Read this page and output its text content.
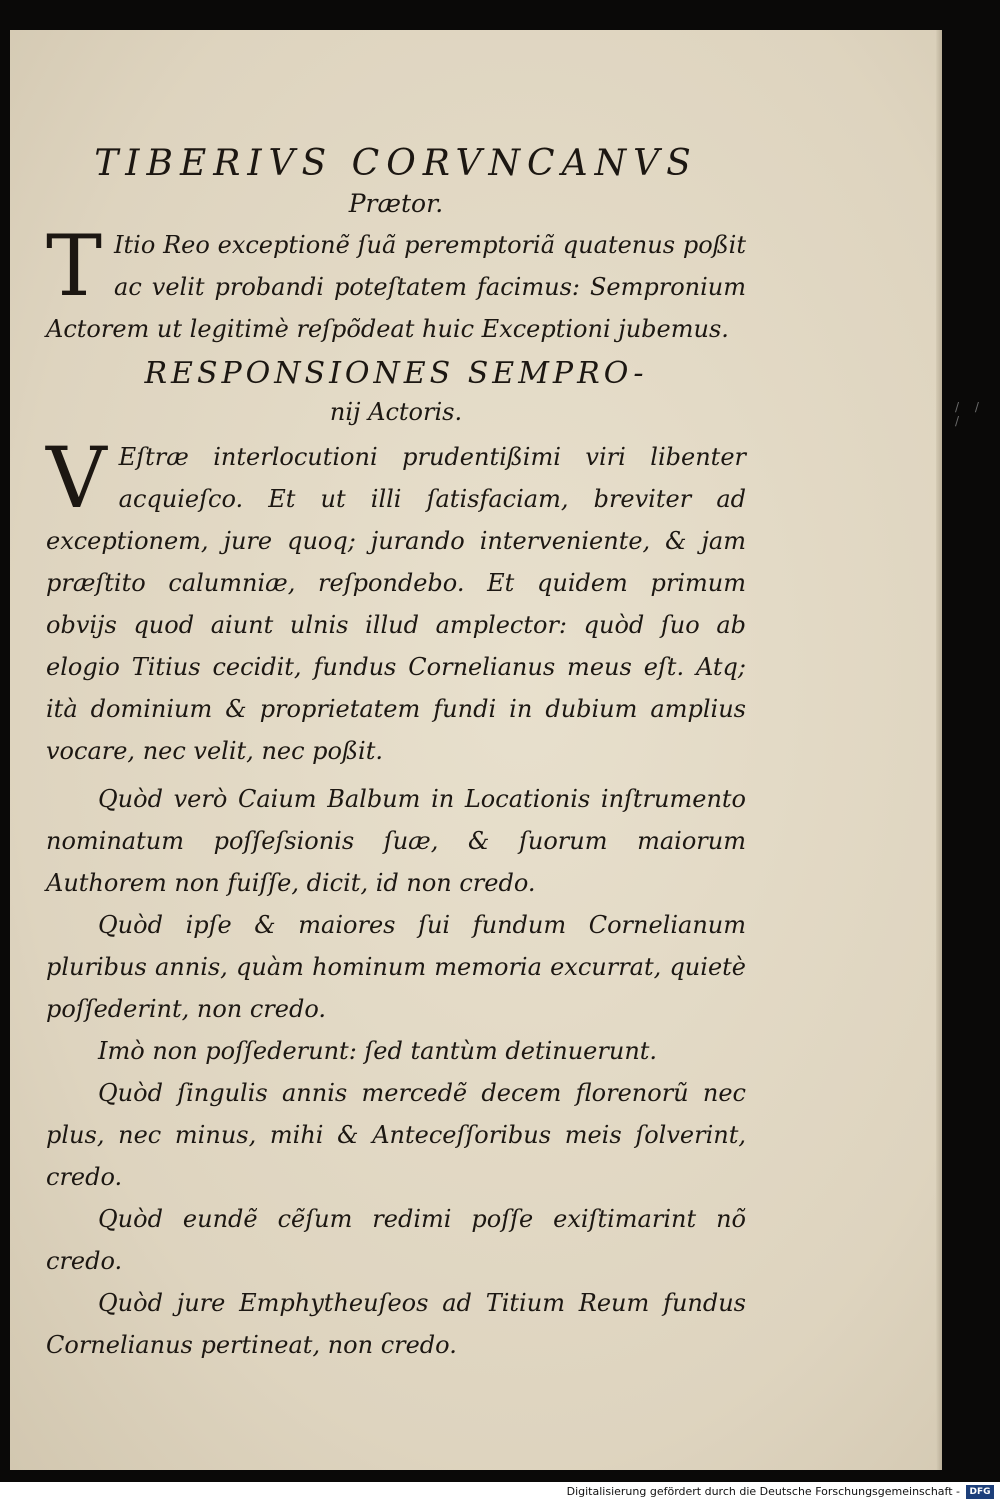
TIBERIVS CORVNCANVS

Prætor.

T Itio Reo exceptionẽ ſuã peremptoriã quatenus poßit ac velit probandi poteſtatem facimus: Sempronium Actorem ut legitimè reſpõdeat huic Exceptioni jubemus.

RESPONSIONES SEMPRO-

nij Actoris.

V Eſtræ interlocutioni prudentißimi viri libenter acquieſco. Et ut illi ſatisfaciam, breviter ad exceptionem, jure quoq; jurando interveniente, & jam præſtito calumniæ, reſpondebo. Et quidem primum obvijs quod aiunt ulnis illud amplector: quòd ſuo ab elogio Titius cecidit, fundus Cornelianus meus eſt. Atq; ità dominium & proprietatem fundi in dubium amplius vocare, nec velit, nec poßit.

Quòd verò Caium Balbum in Locationis inſtrumento nominatum poſſeſsionis ſuæ, & ſuorum maiorum Authorem non fuiſſe, dicit, id non credo.

Quòd ipſe & maiores ſui fundum Cornelianum pluribus annis, quàm hominum memoria excurrat, quietè poſſederint, non credo.

Imò non poſſederunt: ſed tantùm detinuerunt.

Quòd ſingulis annis mercedẽ decem florenorũ nec plus, nec minus, mihi & Anteceſſoribus meis ſolverint, credo.

Quòd eundẽ cẽſum redimi poſſe exiſtimarint nõ credo.

Quòd jure Emphytheuſeos ad Titium Reum fundus Cornelianus pertineat, non credo.

/ / /
Digitalisierung gefördert durch die Deutsche Forschungsgemeinschaft -	DFG
